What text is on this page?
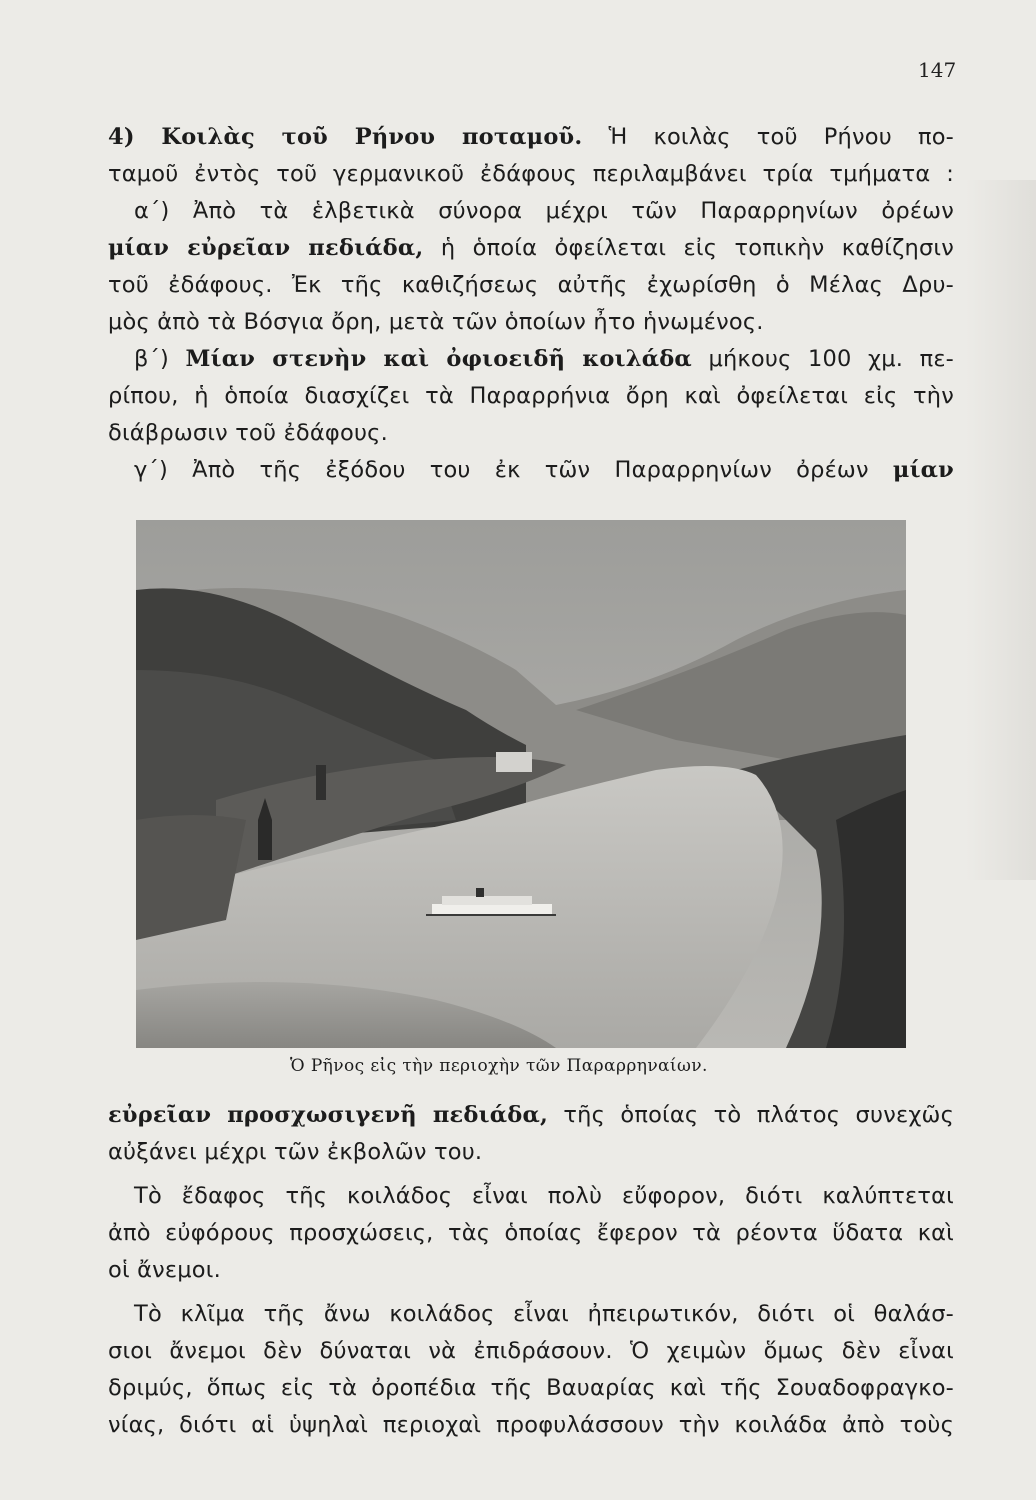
147
4) Κοιλὰς τοῦ Ρήνου ποταμοῦ. Ἡ κοιλὰς τοῦ Ρήνου πο-
ταμοῦ ἐντὸς τοῦ γερμανικοῦ ἐδάφους περιλαμβάνει τρία τμήματα :
α΄) Ἀπὸ τὰ ἑλβετικὰ σύνορα μέχρι τῶν Παραρρηνίων ὀρέων
μίαν εὐρεῖαν πεδιάδα, ἡ ὁποία ὀφείλεται εἰς τοπικὴν καθίζησιν
τοῦ ἐδάφους. Ἐκ τῆς καθιζήσεως αὐτῆς ἐχωρίσθη ὁ Μέλας Δρυ-
μὸς ἀπὸ τὰ Βόσγια ὄρη, μετὰ τῶν ὁποίων ἦτο ἡνωμένος.
β΄) Μίαν στενὴν καὶ ὀφιοειδῆ κοιλάδα μήκους 100 χμ. πε-
ρίπου, ἡ ὁποία διασχίζει τὰ Παραρρήνια ὄρη καὶ ὀφείλεται εἰς τὴν
διάβρωσιν τοῦ ἐδάφους.
γ΄) Ἀπὸ τῆς ἐξόδου του ἐκ τῶν Παραρρηνίων ὀρέων μίαν
Ὁ Ρῆνος εἰς τὴν περιοχὴν τῶν Παραρρηναίων.
εὐρεῖαν προσχωσιγενῆ πεδιάδα, τῆς ὁποίας τὸ πλάτος συνεχῶς
αὐξάνει μέχρι τῶν ἐκβολῶν του.
Τὸ ἔδαφος τῆς κοιλάδος εἶναι πολὺ εὔφορον, διότι καλύπτεται
ἀπὸ εὐφόρους προσχώσεις, τὰς ὁποίας ἔφερον τὰ ρέοντα ὕδατα καὶ
οἱ ἄνεμοι.
Τὸ κλῖμα τῆς ἄνω κοιλάδος εἶναι ἠπειρωτικόν, διότι οἱ θαλάσ-
σιοι ἄνεμοι δὲν δύναται νὰ ἐπιδράσουν. Ὁ χειμὼν ὅμως δὲν εἶναι
δριμύς, ὅπως εἰς τὰ ὀροπέδια τῆς Βαυαρίας καὶ τῆς Σουαδοφραγκο-
νίας, διότι αἱ ὑψηλαὶ περιοχαὶ προφυλάσσουν τὴν κοιλάδα ἀπὸ τοὺς
